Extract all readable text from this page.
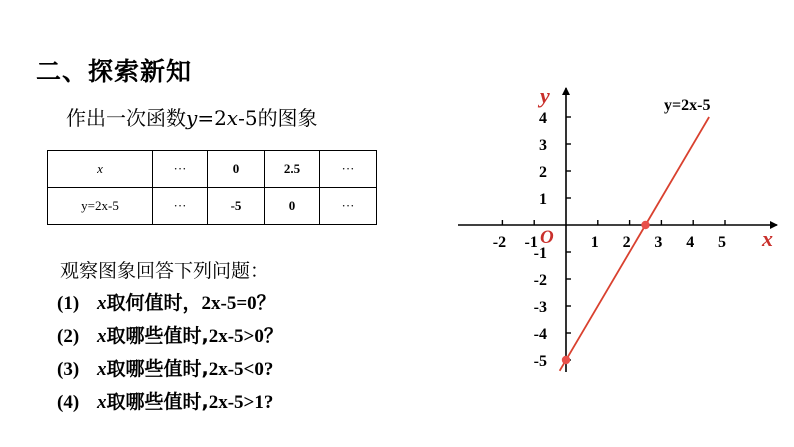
二、探索新知
作出一次函数y=2x-5的图象
x	···	0	2.5	···
y=2x-5	···	-5	0	···
观察图象回答下列问题：
(1) x取何值时，2x-5=0？
(2) x取哪些值时,2x-5>0？
(3) x取哪些值时,2x-5<0?
(4) x取哪些值时,2x-5>1?
-2 -1	1 2 3 4 5
4
3
2
1
-1
-2
-3
-4
-5
x
y
O
y=2x-5
